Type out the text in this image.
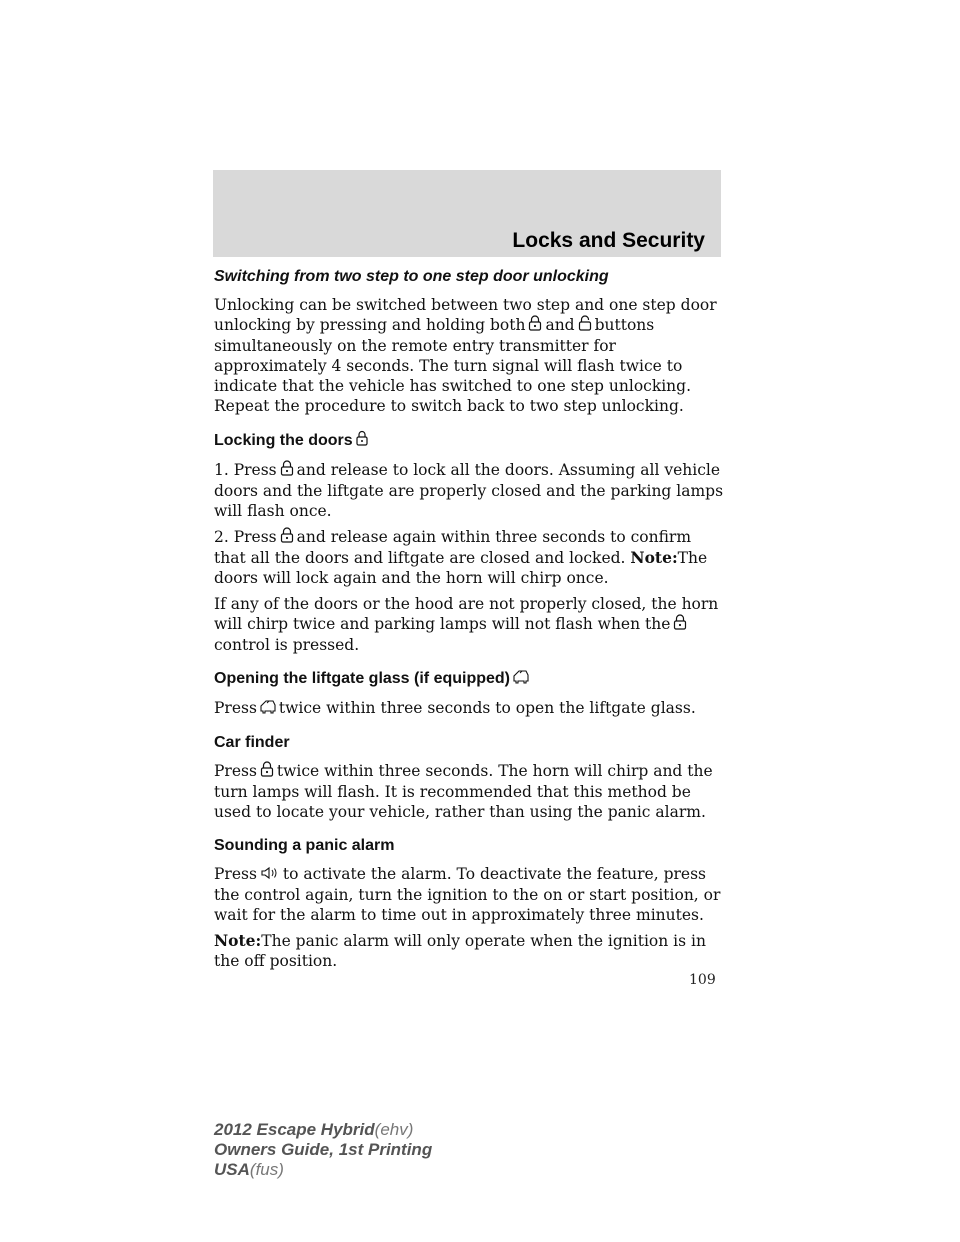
Locks and Security
Switching from two step to one step door unlocking

Unlocking can be switched between two step and one step door unlocking by pressing and holding both and buttons simultaneously on the remote entry transmitter for approximately 4 seconds. The turn signal will flash twice to indicate that the vehicle has switched to one step unlocking. Repeat the procedure to switch back to two step unlocking.

Locking the doors

1. Press and release to lock all the doors. Assuming all vehicle doors and the liftgate are properly closed and the parking lamps will flash once.

2. Press and release again within three seconds to confirm that all the doors and liftgate are closed and locked. Note:The doors will lock again and the horn will chirp once.

If any of the doors or the hood are not properly closed, the horn will chirp twice and parking lamps will not flash when thecontrol is pressed.

Opening the liftgate glass (if equipped)

Press twice within three seconds to open the liftgate glass.

Car finder

Press twice within three seconds. The horn will chirp and the turn lamps will flash. It is recommended that this method be used to locate your vehicle, rather than using the panic alarm.

Sounding a panic alarm

Press to activate the alarm. To deactivate the feature, press the control again, turn the ignition to the on or start position, or wait for the alarm to time out in approximately three minutes.

Note:The panic alarm will only operate when the ignition is in the off position.

109
2012 Escape Hybrid(ehv)
Owners Guide, 1st Printing
USA(fus)
